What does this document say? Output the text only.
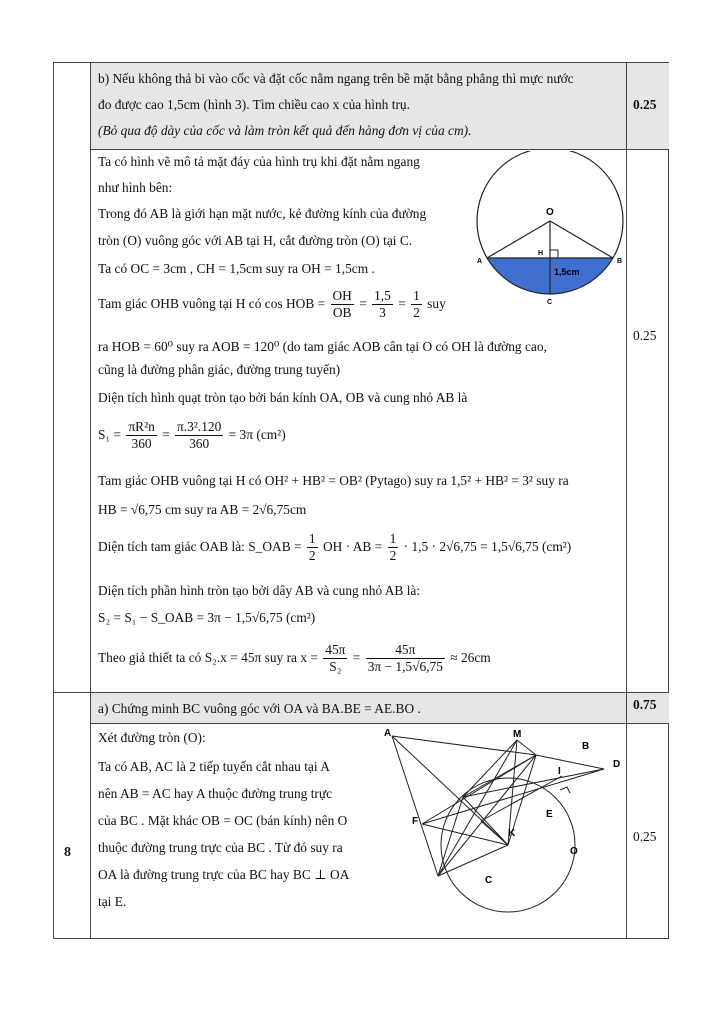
8
0.25
0.25
0.75
0.25
b) Nếu không thả bi vào cốc và đặt cốc nằm ngang trên bề mặt bằng phẳng thì mực nước
đo được cao 1,5cm (hình 3). Tìm chiều cao x của hình trụ.
(Bỏ qua độ dày của cốc và làm tròn kết quả đến hàng đơn vị của cm).
Ta có hình vẽ mô tả mặt đáy của hình trụ khi đặt nằm ngang
như hình bên:
Trong đó AB là giới hạn mặt nước, kẻ đường kính của đường
tròn (O) vuông góc với AB tại H, cắt đường tròn (O) tại C.
Ta có OC = 3cm , CH = 1,5cm suy ra OH = 1,5cm .
Tam giác OHB vuông tại H có cos HOB = $\frac{OH}{OB} = \frac{1,5}{3} = \frac{1}{2}$ suy
ra HOB = 60⁰ suy ra AOB = 120⁰ (do tam giác AOB cân tại O có OH là đường cao,
cũng là đường phân giác, đường trung tuyến)
Diện tích hình quạt tròn tạo bởi bán kính OA, OB và cung nhỏ AB là
$S_1 = \frac{\text{πR²n}}{360} = \frac{\text{π.3².120}}{360} = 3\pi$ (cm²)
Tam giác OHB vuông tại H có OH² + HB² = OB² (Pytago) suy ra 1,5² + HB² = 3² suy ra
HB = √6,75 cm suy ra AB = 2√6,75cm
Diện tích tam giác OAB là: S_OAB = $\frac{1}{2}$ OH · AB = $\frac{1}{2} \cdot 1,5 \cdot 2√6,75 = 1,5√6,75$ (cm²)
Diện tích phần hình tròn tạo bởi dây AB và cung nhỏ AB là:
S₂ = S₁ − S_OAB = 3π − 1,5√6,75 (cm²)
Theo giả thiết ta có S₂.x = 45π suy ra $x = \frac{45\pi}{\text{S₂}} = \frac{45\pi}{3\pi - 1,5√6,75} \approx 26cm$
O
H
A	B
C
1,5cm
a) Chứng minh BC vuông góc với OA và BA.BE = AE.BO .
Xét đường tròn (O):
Ta có AB, AC là 2 tiếp tuyến cắt nhau tại A
nên AB = AC hay A thuộc đường trung trực
của BC . Mặt khác OB = OC (bán kính) nên O
thuộc đường trung trực của BC . Từ đó suy ra
OA là đường trung trực của BC hay BC ⊥ OA
tại E.
A	M
B
D
I
F
E
K
O
C
